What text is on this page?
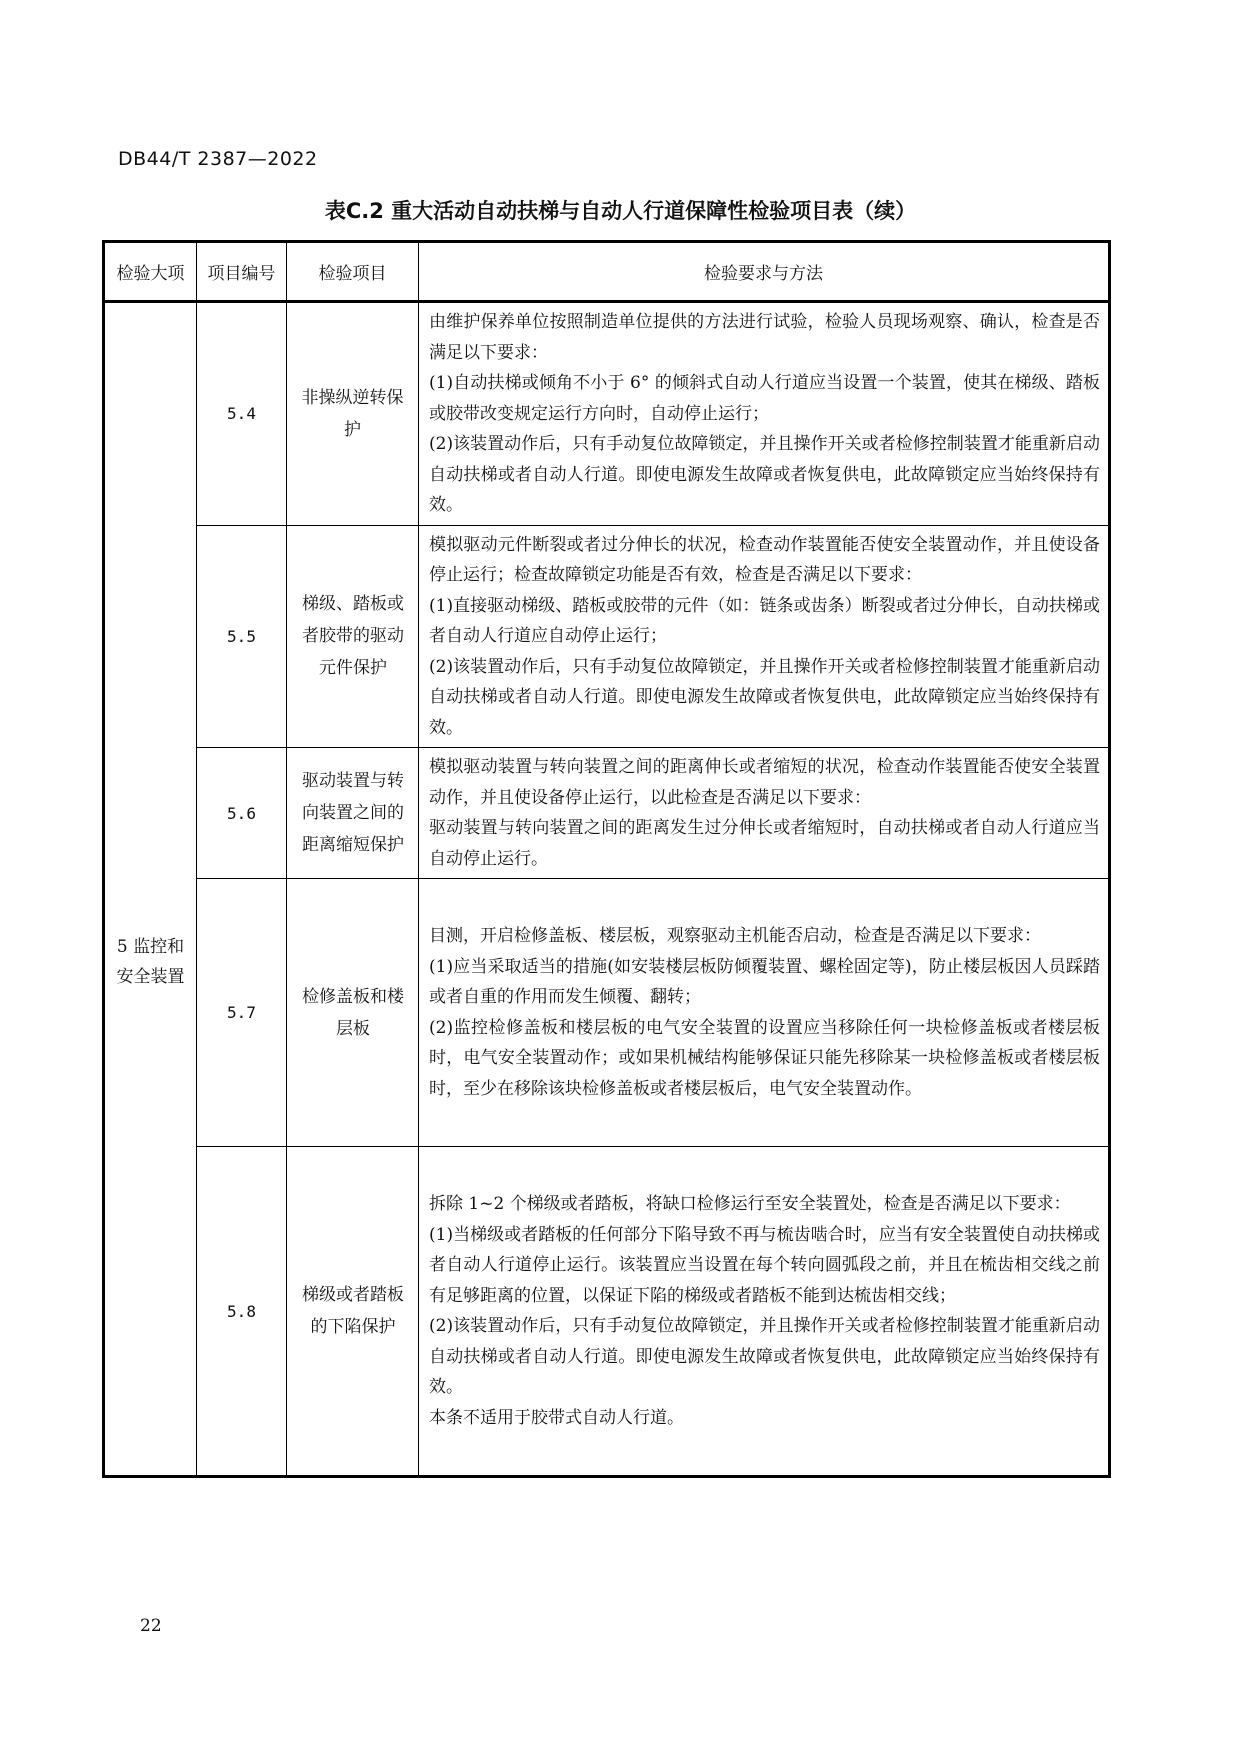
DB44/T 2387—2022
表C.2 重大活动自动扶梯与自动人行道保障性检验项目表（续）
检验大项	项目编号	检验项目	检验要求与方法

5 监控和安全装置	5.4	非操纵逆转保护	由维护保养单位按照制造单位提供的方法进行试验，检验人员现场观察、确认，检查是否满足以下要求：

(1)自动扶梯或倾角不小于 6° 的倾斜式自动人行道应当设置一个装置，使其在梯级、踏板或胶带改变规定运行方向时，自动停止运行；

(2)该装置动作后，只有手动复位故障锁定，并且操作开关或者检修控制装置才能重新启动自动扶梯或者自动人行道。即使电源发生故障或者恢复供电，此故障锁定应当始终保持有效。

	5.5	梯级、踏板或者胶带的驱动元件保护	模拟驱动元件断裂或者过分伸长的状况，检查动作装置能否使安全装置动作，并且使设备停止运行；检查故障锁定功能是否有效，检查是否满足以下要求：

(1)直接驱动梯级、踏板或胶带的元件（如：链条或齿条）断裂或者过分伸长，自动扶梯或者自动人行道应自动停止运行；

(2)该装置动作后，只有手动复位故障锁定，并且操作开关或者检修控制装置才能重新启动自动扶梯或者自动人行道。即使电源发生故障或者恢复供电，此故障锁定应当始终保持有效。

	5.6	驱动装置与转向装置之间的距离缩短保护	模拟驱动装置与转向装置之间的距离伸长或者缩短的状况，检查动作装置能否使安全装置动作，并且使设备停止运行，以此检查是否满足以下要求：

驱动装置与转向装置之间的距离发生过分伸长或者缩短时，自动扶梯或者自动人行道应当自动停止运行。

	5.7	检修盖板和楼层板	目测，开启检修盖板、楼层板，观察驱动主机能否启动，检查是否满足以下要求：

(1)应当采取适当的措施(如安装楼层板防倾覆装置、螺栓固定等)，防止楼层板因人员踩踏或者自重的作用而发生倾覆、翻转；

(2)监控检修盖板和楼层板的电气安全装置的设置应当移除任何一块检修盖板或者楼层板时，电气安全装置动作；或如果机械结构能够保证只能先移除某一块检修盖板或者楼层板时，至少在移除该块检修盖板或者楼层板后，电气安全装置动作。

	5.8	梯级或者踏板的下陷保护	拆除 1~2 个梯级或者踏板，将缺口检修运行至安全装置处，检查是否满足以下要求：

(1)当梯级或者踏板的任何部分下陷导致不再与梳齿啮合时，应当有安全装置使自动扶梯或者自动人行道停止运行。该装置应当设置在每个转向圆弧段之前，并且在梳齿相交线之前有足够距离的位置，以保证下陷的梯级或者踏板不能到达梳齿相交线；

(2)该装置动作后，只有手动复位故障锁定，并且操作开关或者检修控制装置才能重新启动自动扶梯或者自动人行道。即使电源发生故障或者恢复供电，此故障锁定应当始终保持有效。

本条不适用于胶带式自动人行道。

22
